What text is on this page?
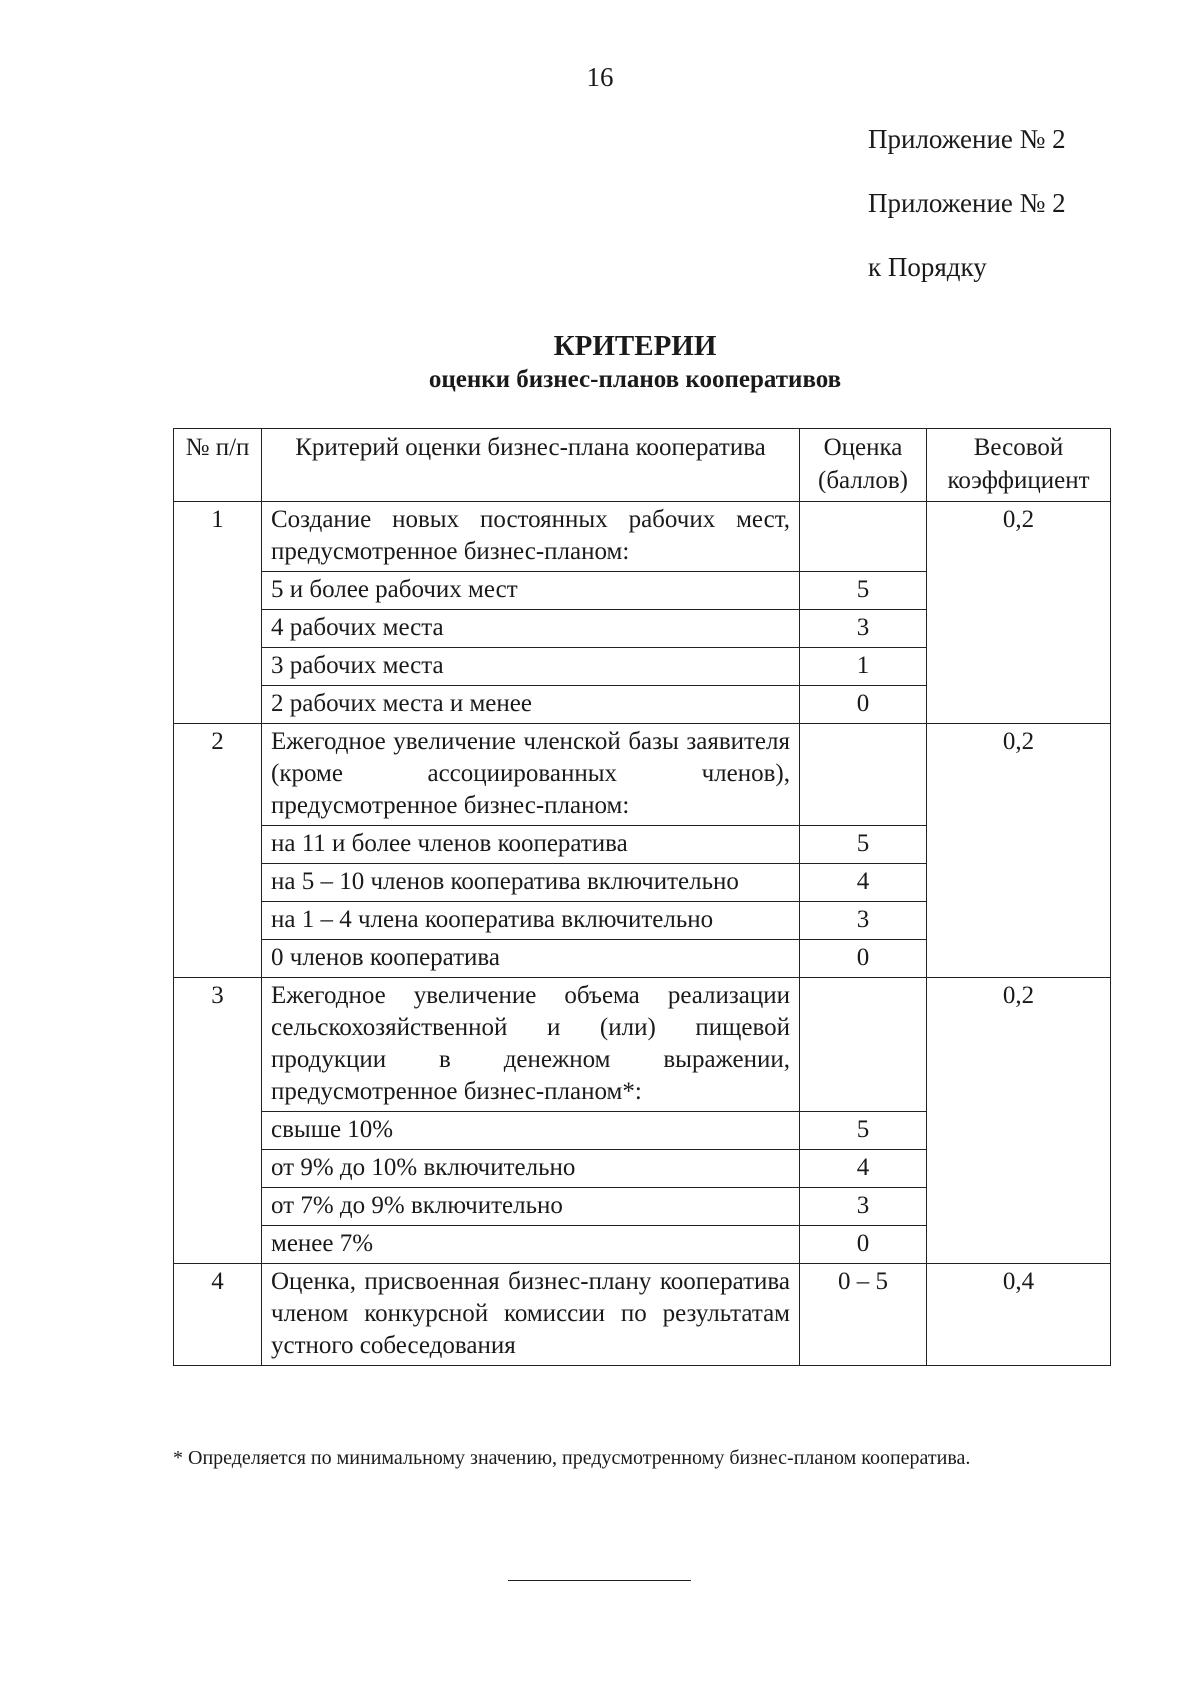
16
Приложение № 2
Приложение № 2
к Порядку
КРИТЕРИИ
оценки бизнес-планов кооперативов
№ п/п	Критерий оценки бизнес-плана кооператива	Оценка (баллов)	Весовой коэффициент
1	Создание новых постоянных рабочих мест, предусмотренное бизнес-планом:		0,2
	5 и более рабочих мест	5	
	4 рабочих места	3	
	3 рабочих места	1	
	2 рабочих места и менее	0	
2	Ежегодное увеличение членской базы заявителя (кроме ассоциированных членов), предусмотренное бизнес-планом:		0,2
	на 11 и более членов кооператива	5	
	на 5 – 10 членов кооператива включительно	4	
	на 1 – 4 члена кооператива включительно	3	
	0 членов кооператива	0	
3	Ежегодное увеличение объема реализации сельскохозяйственной и (или) пищевой продукции в денежном выражении, предусмотренное бизнес-планом*:		0,2
	свыше 10%	5	
	от 9% до 10% включительно	4	
	от 7% до 9% включительно	3	
	менее 7%	0	
4	Оценка, присвоенная бизнес-плану кооператива членом конкурсной комиссии по результатам устного собеседования	0 – 5	0,4
* Определяется по минимальному значению, предусмотренному бизнес-планом кооператива.
